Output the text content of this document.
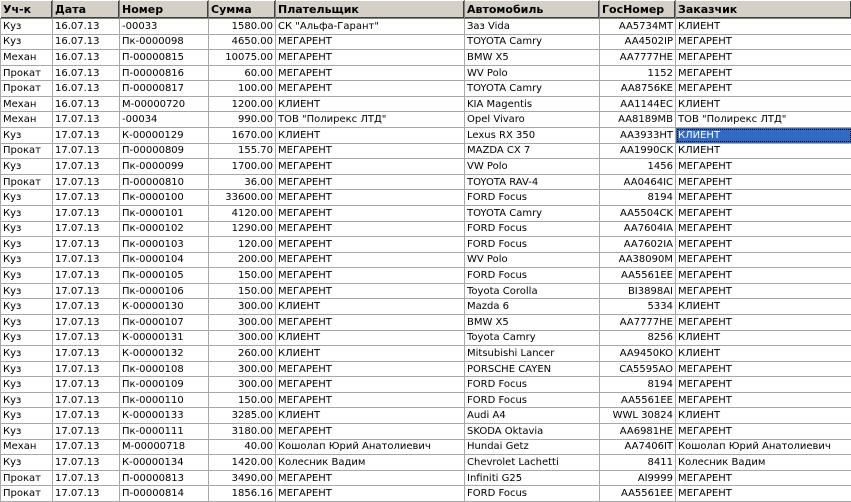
Уч-к	Дата	Номер	Сумма	Плательщик	Автомобиль	ГосНомер	Заказчик
Куз	16.07.13	-00033	1580.00	СК "Альфа-Гарант"	Заз Vida	AA5734MT	КЛИЕНТ
Куз	16.07.13	Пк-0000098	4650.00	МЕГАРЕНТ	TOYOTA Camry	AA4502IP	МЕГАРЕНТ
Механ	16.07.13	П-00000815	10075.00	МЕГАРЕНТ	BMW X5	AA7777HE	МЕГАРЕНТ
Прокат	16.07.13	П-00000816	60.00	МЕГАРЕНТ	WV Polo	1152	МЕГАРЕНТ
Прокат	16.07.13	П-00000817	100.00	МЕГАРЕНТ	TOYOTA Camry	AA8756KE	МЕГАРЕНТ
Механ	16.07.13	М-00000720	1200.00	КЛИЕНТ	KIA Magentis	AA1144EC	КЛИЕНТ
Механ	17.07.13	-00034	990.00	ТОВ "Полирекс ЛТД"	Opel Vivaro	AA8189MB	ТОВ "Полирекс ЛТД"
Куз	17.07.13	К-00000129	1670.00	КЛИЕНТ	Lexus RX 350	AA3933HT	КЛИЕНТ
Прокат	17.07.13	П-00000809	155.70	МЕГАРЕНТ	MAZDA CX 7	AA1990CK	КЛИЕНТ
Куз	17.07.13	Пк-0000099	1700.00	МЕГАРЕНТ	VW Polo	1456	МЕГАРЕНТ
Прокат	17.07.13	П-00000810	36.00	МЕГАРЕНТ	TOYOTA RAV-4	AA0464IC	МЕГАРЕНТ
Куз	17.07.13	Пк-0000100	33600.00	МЕГАРЕНТ	FORD Focus	8194	МЕГАРЕНТ
Куз	17.07.13	Пк-0000101	4120.00	МЕГАРЕНТ	TOYOTA Camry	AA5504CK	МЕГАРЕНТ
Куз	17.07.13	Пк-0000102	1290.00	МЕГАРЕНТ	FORD Focus	AA7604IA	МЕГАРЕНТ
Куз	17.07.13	Пк-0000103	120.00	МЕГАРЕНТ	FORD Focus	AA7602IA	МЕГАРЕНТ
Куз	17.07.13	Пк-0000104	200.00	МЕГАРЕНТ	WV Polo	AA38090M	МЕГАРЕНТ
Куз	17.07.13	Пк-0000105	150.00	МЕГАРЕНТ	FORD Focus	AA5561EE	МЕГАРЕНТ
Куз	17.07.13	Пк-0000106	150.00	МЕГАРЕНТ	Toyota Corolla	BI3898AI	МЕГАРЕНТ
Куз	17.07.13	К-00000130	300.00	КЛИЕНТ	Mazda 6	5334	КЛИЕНТ
Куз	17.07.13	Пк-0000107	300.00	МЕГАРЕНТ	BMW X5	AA7777HE	МЕГАРЕНТ
Куз	17.07.13	К-00000131	300.00	КЛИЕНТ	Toyota Camry	8256	КЛИЕНТ
Куз	17.07.13	К-00000132	260.00	КЛИЕНТ	Mitsubishi Lancer	AA9450KO	КЛИЕНТ
Куз	17.07.13	Пк-0000108	300.00	МЕГАРЕНТ	PORSCHE CAYEN	CA5595AO	МЕГАРЕНТ
Куз	17.07.13	Пк-0000109	300.00	МЕГАРЕНТ	FORD Focus	8194	МЕГАРЕНТ
Куз	17.07.13	Пк-0000110	150.00	МЕГАРЕНТ	FORD Focus	AA5561EE	МЕГАРЕНТ
Куз	17.07.13	К-00000133	3285.00	КЛИЕНТ	Audi A4	WWL 30824	КЛИЕНТ
Куз	17.07.13	Пк-0000111	3180.00	МЕГАРЕНТ	SKODA Oktavia	AA6981HE	МЕГАРЕНТ
Механ	17.07.13	М-00000718	40.00	Кошолап Юрий Анатолиевич	Hundai Getz	AA7406IT	Кошолап Юрий Анатолиевич
Куз	17.07.13	К-00000134	1420.00	Колесник Вадим	Chevrolet Lachetti	8411	Колесник Вадим
Прокат	17.07.13	П-00000813	3490.00	МЕГАРЕНТ	Infiniti G25	AI9999	МЕГАРЕНТ
Прокат	17.07.13	П-00000814	1856.16	МЕГАРЕНТ	FORD Focus	AA5561EE	МЕГАРЕНТ
